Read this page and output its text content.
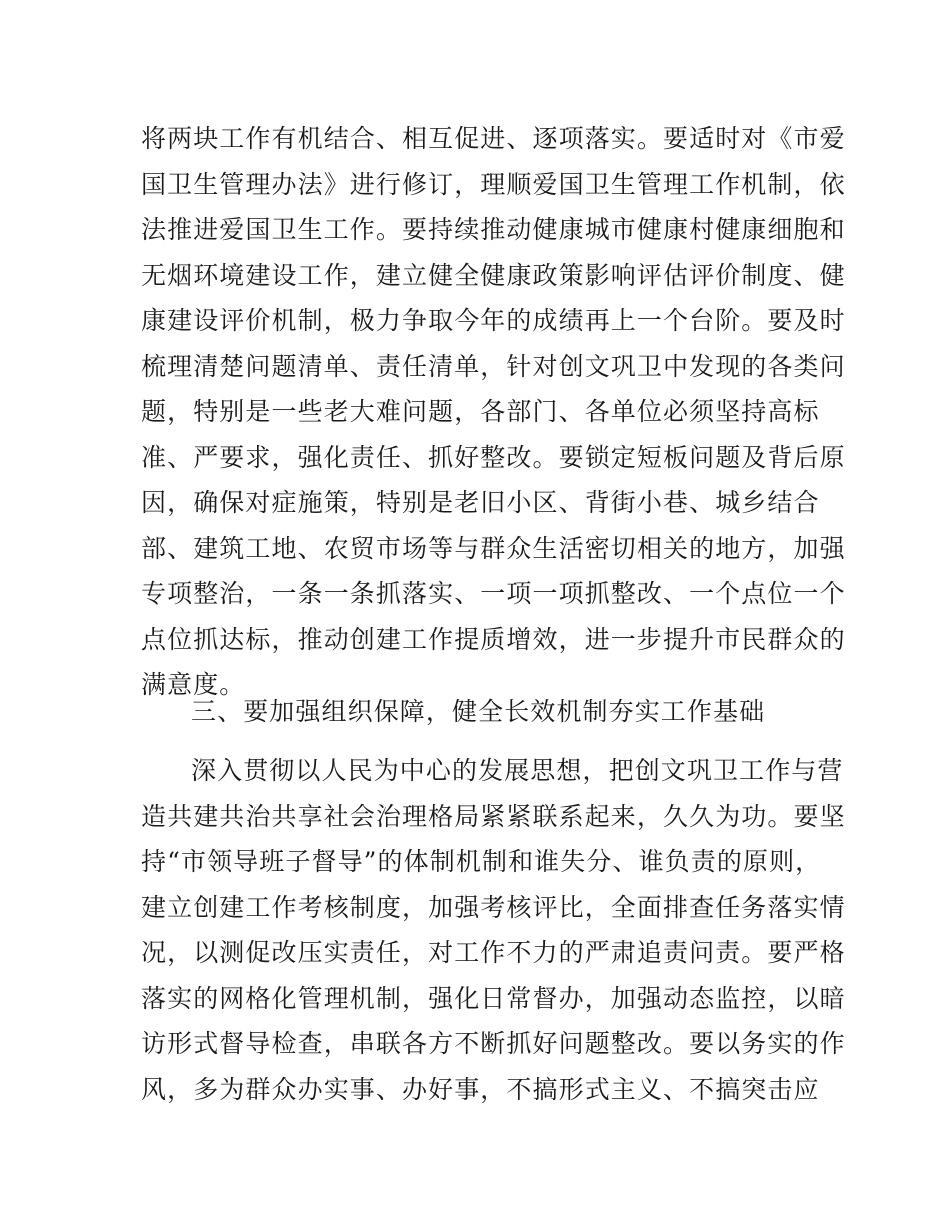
将两块工作有机结合、相互促进、逐项落实。要适时对《市爱
国卫生管理办法》进行修订，理顺爱国卫生管理工作机制，依
法推进爱国卫生工作。要持续推动健康城市健康村健康细胞和
无烟环境建设工作，建立健全健康政策影响评估评价制度、健
康建设评价机制，极力争取今年的成绩再上一个台阶。要及时
梳理清楚问题清单、责任清单，针对创文巩卫中发现的各类问
题，特别是一些老大难问题，各部门、各单位必须坚持高标
准、严要求，强化责任、抓好整改。要锁定短板问题及背后原
因，确保对症施策，特别是老旧小区、背街小巷、城乡结合
部、建筑工地、农贸市场等与群众生活密切相关的地方，加强
专项整治，一条一条抓落实、一项一项抓整改、一个点位一个
点位抓达标，推动创建工作提质增效，进一步提升市民群众的
满意度。
三、要加强组织保障，健全长效机制夯实工作基础
深入贯彻以人民为中心的发展思想，把创文巩卫工作与营
造共建共治共享社会治理格局紧紧联系起来，久久为功。要坚
持“市领导班子督导”的体制机制和谁失分、谁负责的原则，
建立创建工作考核制度，加强考核评比，全面排查任务落实情
况，以测促改压实责任，对工作不力的严肃追责问责。要严格
落实的网格化管理机制，强化日常督办，加强动态监控，以暗
访形式督导检查，串联各方不断抓好问题整改。要以务实的作
风，多为群众办实事、办好事，不搞形式主义、不搞突击应
